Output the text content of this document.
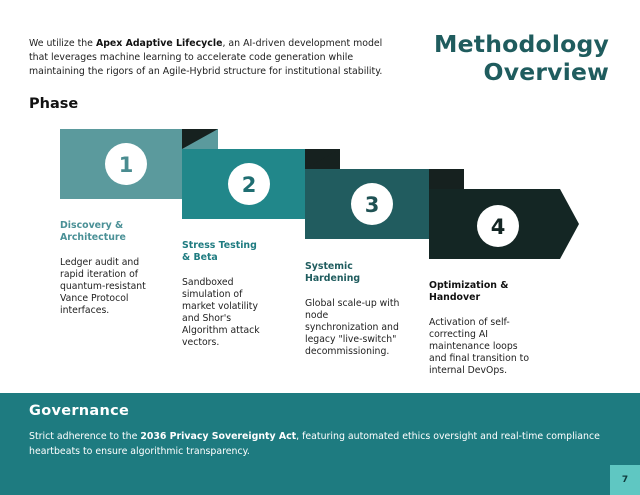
We utilize the Apex Adaptive Lifecycle, an AI-driven development model that leverages machine learning to accelerate code generation while maintaining the rigors of an Agile-Hybrid structure for institutional stability.
Methodology
Overview
Phase
1
2
3
4
Discovery & Architecture
Ledger audit and rapid iteration of quantum-resistant Vance Protocol interfaces.
Stress Testing & Beta
Sandboxed simulation of market volatility and Shor's Algorithm attack vectors.
Systemic Hardening
Global scale-up with node synchronization and legacy "live-switch" decommissioning.
Optimization & Handover
Activation of self-correcting AI maintenance loops and final transition to internal DevOps.
Governance
Strict adherence to the 2036 Privacy Sovereignty Act, featuring automated ethics oversight and real-time compliance heartbeats to ensure algorithmic transparency.
7
